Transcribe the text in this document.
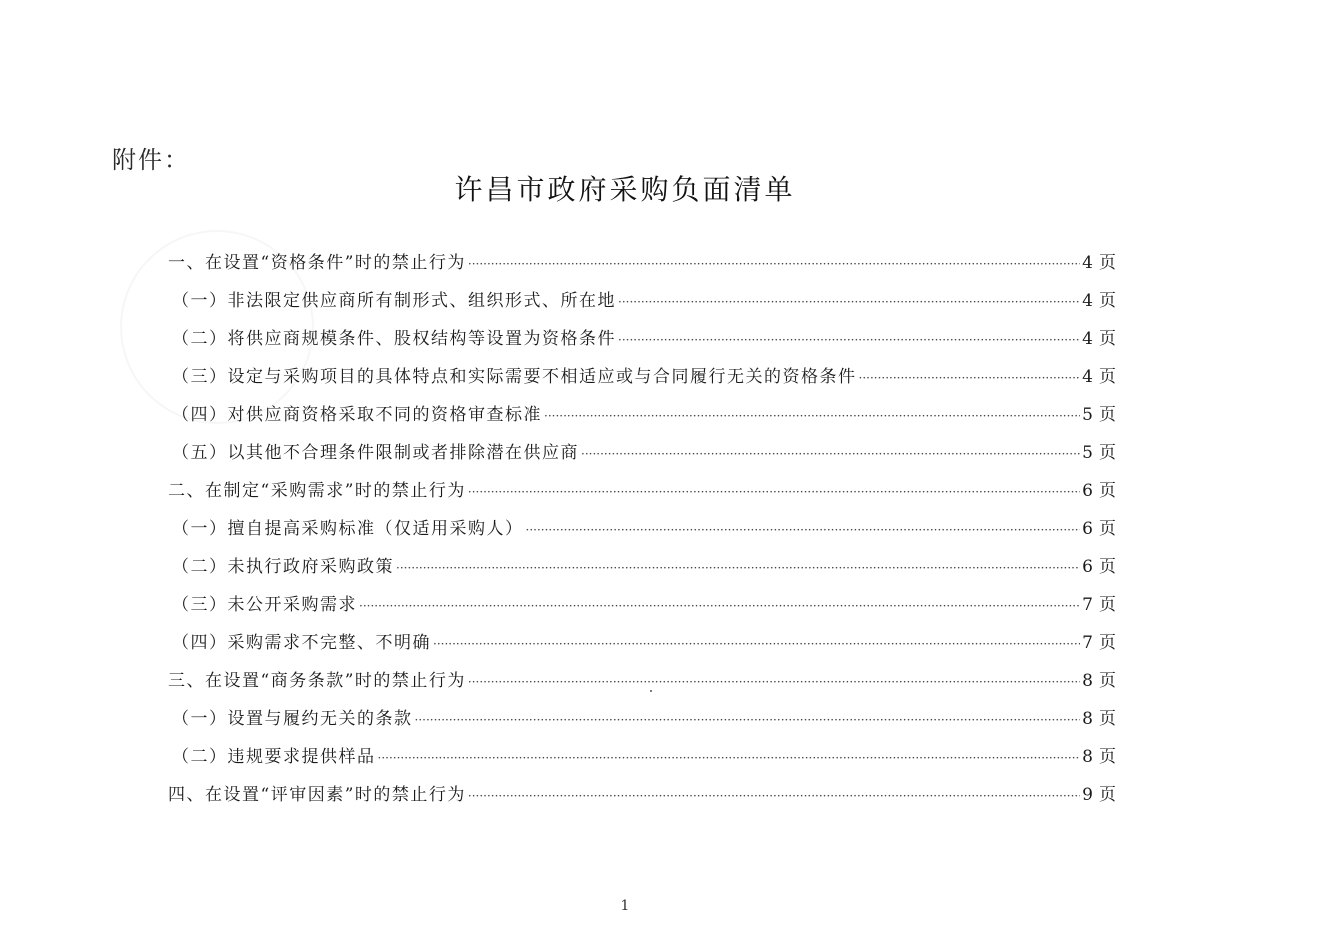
附件：
许昌市政府采购负面清单
一、在设置“资格条件”时的禁止行为 ·····	4 页
（一）非法限定供应商所有制形式、组织形式、所在地 ·····	4 页
（二）将供应商规模条件、股权结构等设置为资格条件 ·····	4 页
（三）设定与采购项目的具体特点和实际需要不相适应或与合同履行无关的资格条件 ·····	4 页
（四）对供应商资格采取不同的资格审查标准 ·····	5 页
（五）以其他不合理条件限制或者排除潜在供应商 ·····	5 页
二、在制定“采购需求”时的禁止行为 ·····	6 页
（一）擅自提高采购标准（仅适用采购人） ·····	6 页
（二）未执行政府采购政策 ·····	6 页
（三）未公开采购需求 ·····	7 页
（四）采购需求不完整、不明确 ·····	7 页
三、在设置“商务条款”时的禁止行为 ·····	8 页
（一）设置与履约无关的条款 ·····	8 页
（二）违规要求提供样品 ·····	8 页
四、在设置“评审因素”时的禁止行为 ·····	9 页
1
